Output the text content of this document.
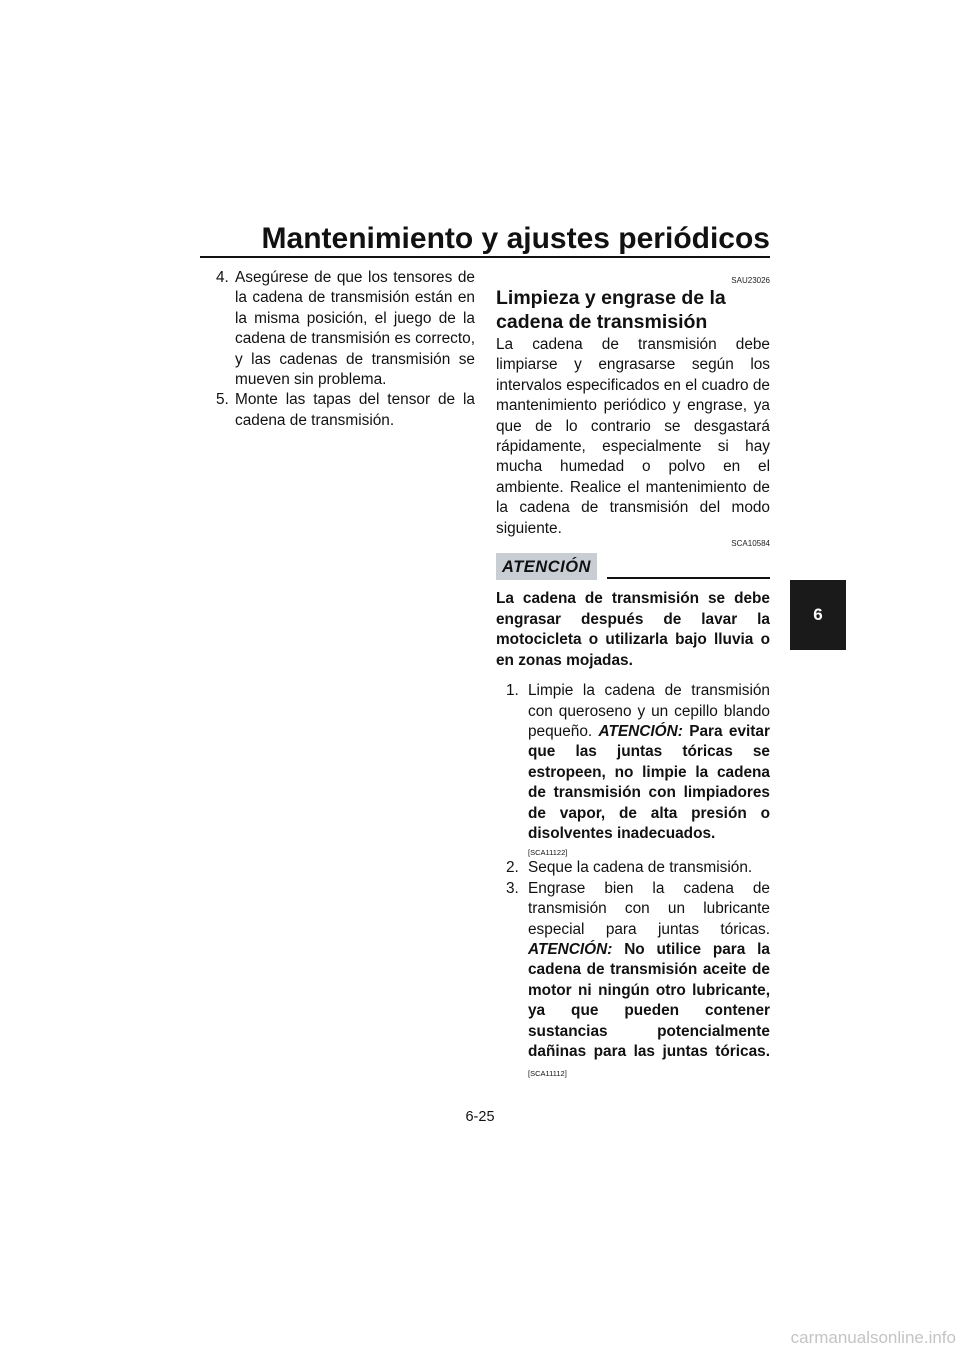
Mantenimiento y ajustes periódicos
4. Asegúrese de que los tensores de la cadena de transmisión están en la misma posición, el juego de la cadena de transmisión es correcto, y las cadenas de transmisión se mueven sin problema.
5. Monte las tapas del tensor de la cadena de transmisión.
SAU23026
Limpieza y engrase de la cadena de transmisión

La cadena de transmisión debe limpiarse y engrasarse según los intervalos especificados en el cuadro de mantenimiento periódico y engrase, ya que de lo contrario se desgastará rápidamente, especialmente si hay mucha humedad o polvo en el ambiente. Realice el mantenimiento de la cadena de transmisión del modo siguiente.

SCA10584
ATENCIÓN

La cadena de transmisión se debe engrasar después de lavar la motocicleta o utilizarla bajo lluvia o en zonas mojadas.

1. Limpie la cadena de transmisión con queroseno y un cepillo blando pequeño. ATENCIÓN: Para evitar que las juntas tóricas se estropeen, no limpie la cadena de transmisión con limpiadores de vapor, de alta presión o disolventes inadecuados.
[SCA11122]
2. Seque la cadena de transmisión.
3. Engrase bien la cadena de transmisión con un lubricante especial para juntas tóricas. ATENCIÓN: No utilice para la cadena de transmisión aceite de motor ni ningún otro lubricante, ya que pueden contener sustancias potencialmente dañinas para las juntas tóricas. [SCA11112]
6
6-25
carmanualsonline.info
